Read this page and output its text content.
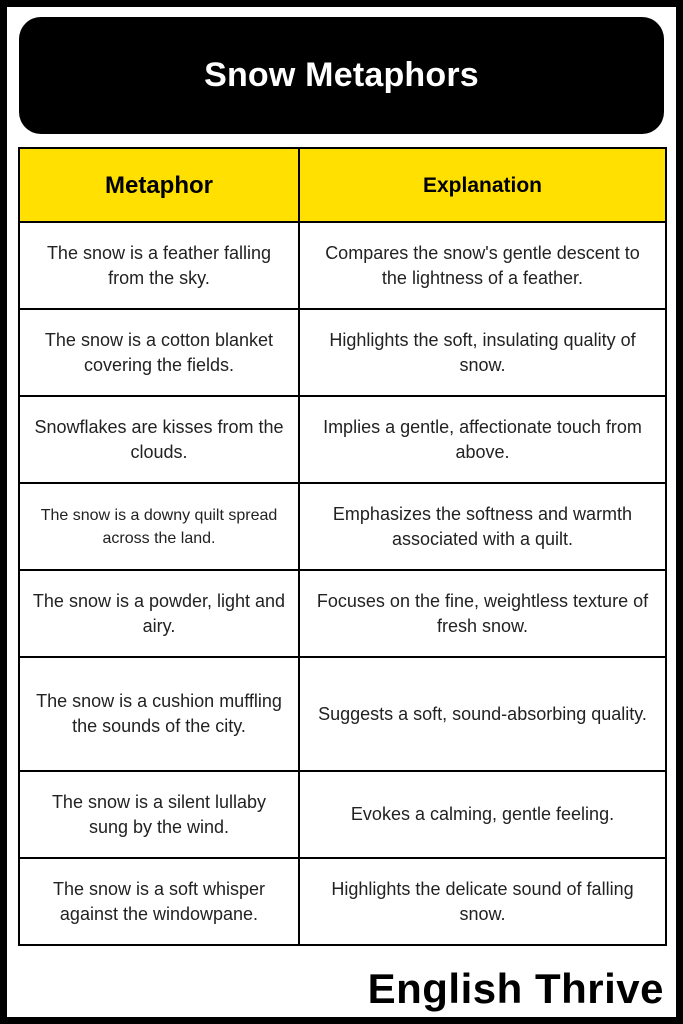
Snow Metaphors
Metaphor	Explanation
The snow is a feather falling from the sky.	Compares the snow's gentle descent to the lightness of a feather.
The snow is a cotton blanket covering the fields.	Highlights the soft, insulating quality of snow.
Snowflakes are kisses from the clouds.	Implies a gentle, affectionate touch from above.
The snow is a downy quilt spread across the land.	Emphasizes the softness and warmth associated with a quilt.
The snow is a powder, light and airy.	Focuses on the fine, weightless texture of fresh snow.
The snow is a cushion muffling the sounds of the city.	Suggests a soft, sound-absorbing quality.
The snow is a silent lullaby sung by the wind.	Evokes a calming, gentle feeling.
The snow is a soft whisper against the windowpane.	Highlights the delicate sound of falling snow.
English Thrive
